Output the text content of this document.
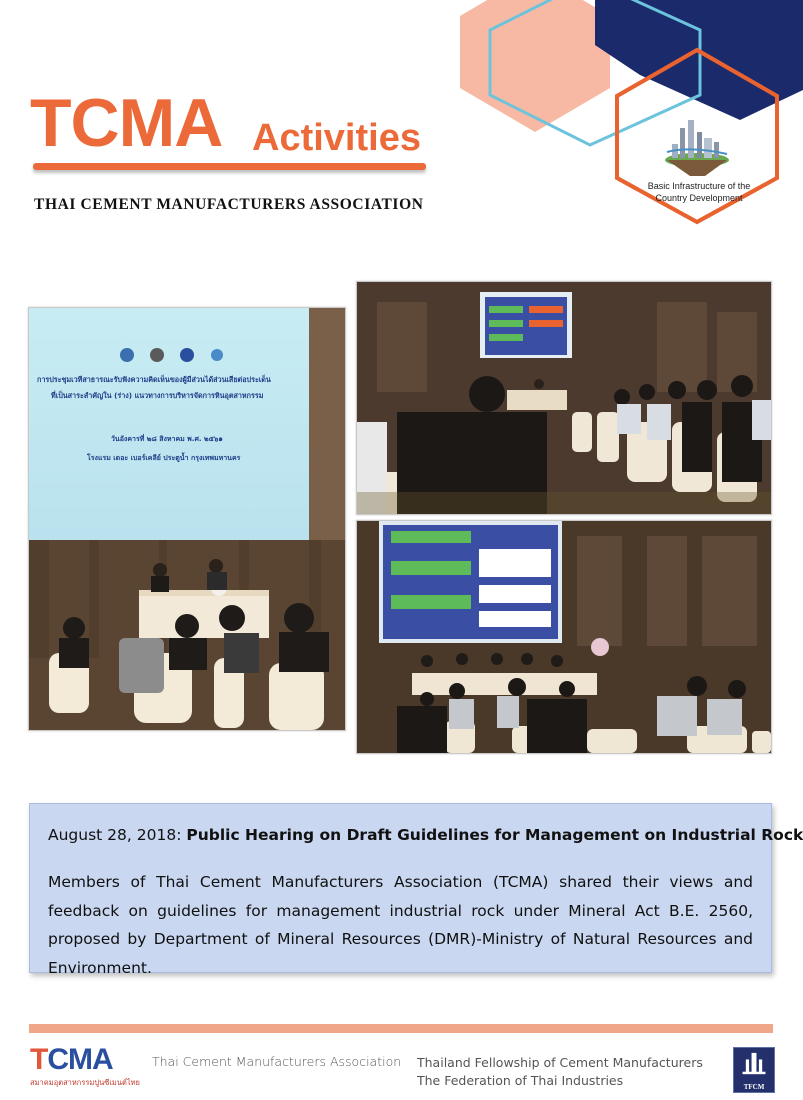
TCMA Activities
THAI CEMENT MANUFACTURERS ASSOCIATION
Basic Infrastructure of the Country Development
การประชุมเวทีสาธารณะรับฟังความคิดเห็นของผู้มีส่วนได้ส่วนเสียต่อประเด็น
ที่เป็นสาระสำคัญใน (ร่าง) แนวทางการบริหารจัดการหินอุตสาหกรรม
วันอังคารที่ ๒๘ สิงหาคม พ.ศ. ๒๕๖๑
โรงแรม เดอะ เบอร์เคลีย์ ประตูน้ำ กรุงเทพมหานคร
August 28, 2018: Public Hearing on Draft Guidelines for Management on Industrial Rock
Members of Thai Cement Manufacturers Association (TCMA) shared their views and feedback on guidelines for management industrial rock under Mineral Act B.E. 2560, proposed by Department of Mineral Resources (DMR)-Ministry of Natural Resources and Environment.
TCMA
สมาคมอุตสาหกรรมปูนซีเมนต์ไทย
Thai Cement Manufacturers Association Thailand Fellowship of Cement Manufacturers
The Federation of Thai Industries	TFCM
